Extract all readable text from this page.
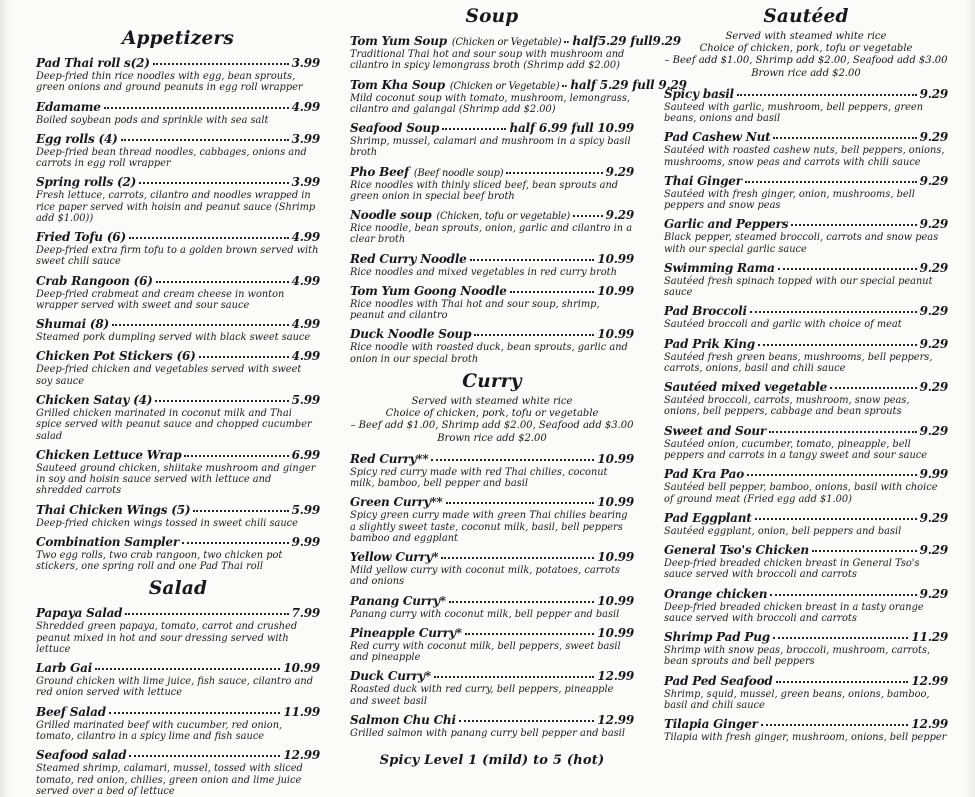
Appetizers
Pad Thai roll s(2)	3.99
Deep-fried thin rice noodles with egg, bean sprouts, green onions and ground peanuts in egg roll wrapper
Edamame	4.99
Boiled soybean pods and sprinkle with sea salt
Egg rolls (4)	3.99
Deep-fried bean thread noodles, cabbages, onions and carrots in egg roll wrapper
Spring rolls (2)	3.99
Fresh lettuce, carrots, cilantro and noodles wrapped in rice paper served with hoisin and peanut sauce (Shrimp add $1.00))
Fried Tofu (6)	4.99
Deep-fried extra firm tofu to a golden brown served with sweet chili sauce
Crab Rangoon (6)	4.99
Deep-fried crabmeat and cream cheese in wonton wrapper served with sweet and sour sauce
Shumai (8)	4.99
Steamed pork dumpling served with black sweet sauce
Chicken Pot Stickers (6)	4.99
Deep-fried chicken and vegetables served with sweet soy sauce
Chicken Satay (4)	5.99
Grilled chicken marinated in coconut milk and Thai spice served with peanut sauce and chopped cucumber salad
Chicken Lettuce Wrap	6.99
Sauteed ground chicken, shiitake mushroom and ginger in soy and hoisin sauce served with lettuce and shredded carrots
Thai Chicken Wings (5)	5.99
Deep-fried chicken wings tossed in sweet chili sauce
Combination Sampler	9.99
Two egg rolls, two crab rangoon, two chicken pot stickers, one spring roll and one Pad Thai roll
Salad
Papaya Salad	7.99
Shredded green papaya, tomato, carrot and crushed peanut mixed in hot and sour dressing served with lettuce
Larb Gai	10.99
Ground chicken with lime juice, fish sauce, cilantro and red onion served with lettuce
Beef Salad	11.99
Grilled marinated beef with cucumber, red onion, tomato, cilantro in a spicy lime and fish sauce
Seafood salad	12.99
Steamed shrimp, calamari, mussel, tossed with sliced tomato, red onion, chilies, green onion and lime juice served over a bed of lettuce
Soup
Tom Yum Soup (Chicken or Vegetable) half5.29 full9.29
Traditional Thai hot and sour soup with mushroom and cilantro in spicy lemongrass broth (Shrimp add $2.00)
Tom Kha Soup (Chicken or Vegetable) half 5.29 full 9.29
Mild coconut soup with tomato, mushroom, lemongrass, cilantro and galangal (Shrimp add $2.00)
Seafood Soup	half 6.99 full 10.99
Shrimp, mussel, calamari and mushroom in a spicy basil broth
Pho Beef (Beef noodle soup)	9.29
Rice noodles with thinly sliced beef, bean sprouts and green onion in special beef broth
Noodle soup (Chicken, tofu or vegetable)	9.29
Rice noodle, bean sprouts, onion, garlic and cilantro in a clear broth
Red Curry Noodle	10.99
Rice noodles and mixed vegetables in red curry broth
Tom Yum Goong Noodle	10.99
Rice noodles with Thai hot and sour soup, shrimp, peanut and cilantro
Duck Noodle Soup	10.99
Rice noodle with roasted duck, bean sprouts, garlic and onion in our special broth
Curry
Served with steamed white rice
Choice of chicken, pork, tofu or vegetable
– Beef add $1.00, Shrimp add $2.00, Seafood add $3.00
Brown rice add $2.00
Red Curry**	10.99
Spicy red curry made with red Thai chilies, coconut milk, bamboo, bell pepper and basil
Green Curry**	10.99
Spicy green curry made with green Thai chilies bearing a slightly sweet taste, coconut milk, basil, bell peppers bamboo and eggplant
Yellow Curry*	10.99
Mild yellow curry with coconut milk, potatoes, carrots and onions
Panang Curry*	10.99
Panang curry with coconut milk, bell pepper and basil
Pineapple Curry*	10.99
Red curry with coconut milk, bell peppers, sweet basil and pineapple
Duck Curry*	12.99
Roasted duck with red curry, bell peppers, pineapple and sweet basil
Salmon Chu Chi	12.99
Grilled salmon with panang curry bell pepper and basil
Spicy Level 1 (mild) to 5 (hot)
Sautéed
Served with steamed white rice
Choice of chicken, pork, tofu or vegetable
– Beef add $1.00, Shrimp add $2.00, Seafood add $3.00
Brown rice add $2.00
Spicy basil	9.29
Sauteed with garlic, mushroom, bell peppers, green beans, onions and basil
Pad Cashew Nut	9.29
Sautéed with roasted cashew nuts, bell peppers, onions, mushrooms, snow peas and carrots with chili sauce
Thai Ginger	9.29
Sautéed with fresh ginger, onion, mushrooms, bell peppers and snow peas
Garlic and Peppers	9.29
Black pepper, steamed broccoli, carrots and snow peas with our special garlic sauce
Swimming Rama	9.29
Sautéed fresh spinach topped with our special peanut sauce
Pad Broccoli	9.29
Sautéed broccoli and garlic with choice of meat
Pad Prik King	9.29
Sautéed fresh green beans, mushrooms, bell peppers, carrots, onions, basil and chili sauce
Sautéed mixed vegetable	9.29
Sautéed broccoli, carrots, mushroom, snow peas, onions, bell peppers, cabbage and bean sprouts
Sweet and Sour	9.29
Sautéed onion, cucumber, tomato, pineapple, bell peppers and carrots in a tangy sweet and sour sauce
Pad Kra Pao	9.99
Sautéed bell pepper, bamboo, onions, basil with choice of ground meat (Fried egg add $1.00)
Pad Eggplant	9.29
Sautéed eggplant, onion, bell peppers and basil
General Tso's Chicken	9.29
Deep-fried breaded chicken breast in General Tso's sauce served with broccoli and carrots
Orange chicken	9.29
Deep-fried breaded chicken breast in a tasty orange sauce served with broccoli and carrots
Shrimp Pad Pug	11.29
Shrimp with snow peas, broccoli, mushroom, carrots, bean sprouts and bell peppers
Pad Ped Seafood	12.99
Shrimp, squid, mussel, green beans, onions, bamboo, basil and chili sauce
Tilapia Ginger	12.99
Tilapia with fresh ginger, mushroom, onions, bell pepper
